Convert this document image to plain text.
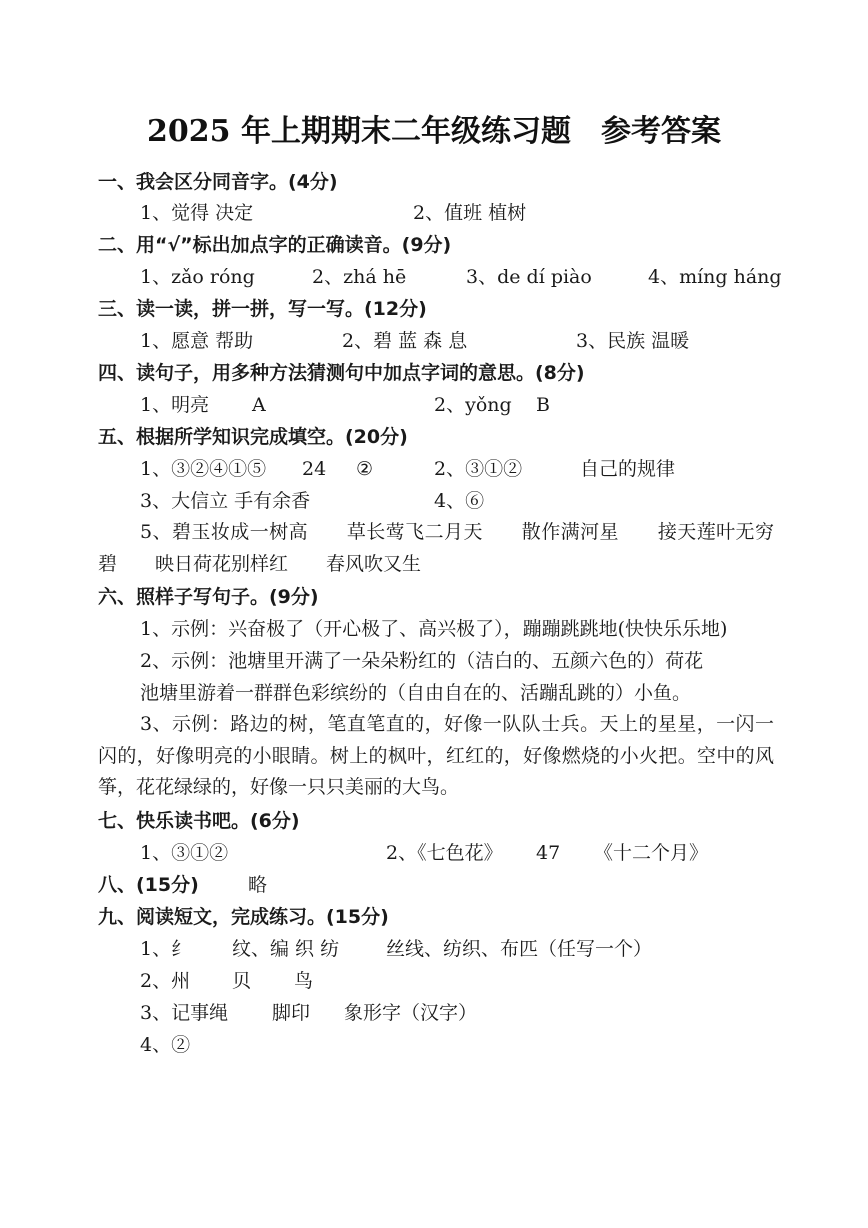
2025 年上期期末二年级练习题　参考答案
一、我会区分同音字。(4分)
1、觉得 决定	2、值班 植树
二、用“√”标出加点字的正确读音。(9分)
1、zǎo róng	2、zhá hē	3、de dí piào	4、míng háng
三、读一读，拼一拼，写一写。(12分)
1、愿意 帮助	2、碧 蓝 森 息	3、民族 温暖
四、读句子，用多种方法猜测句中加点字词的意思。(8分)
1、明亮 A	2、yǒng B
五、根据所学知识完成填空。(20分)
1、③②④①⑤ 24 ②	2、③①②	自己的规律
3、大信立 手有余香	4、⑥
5、碧玉妆成一树高　　草长莺飞二月天　　散作满河星　　接天莲叶无穷碧　　映日荷花别样红　　春风吹又生
六、照样子写句子。(9分)
1、示例：兴奋极了（开心极了、高兴极了），蹦蹦跳跳地(快快乐乐地)
2、示例：池塘里开满了一朵朵粉红的（洁白的、五颜六色的）荷花
池塘里游着一群群色彩缤纷的（自由自在的、活蹦乱跳的）小鱼。
3、示例：路边的树，笔直笔直的，好像一队队士兵。天上的星星，一闪一闪的，好像明亮的小眼睛。树上的枫叶，红红的，好像燃烧的小火把。空中的风筝，花花绿绿的，好像一只只美丽的大鸟。
七、快乐读书吧。(6分)
1、③①②	2、《七色花》 47 《十二个月》
八、(15分)	略
九、阅读短文，完成练习。(15分)
1、纟 纹、编 织 纺 丝线、纺织、布匹（任写一个）
2、州 贝 鸟
3、记事绳 脚印 象形字（汉字）
4、②
